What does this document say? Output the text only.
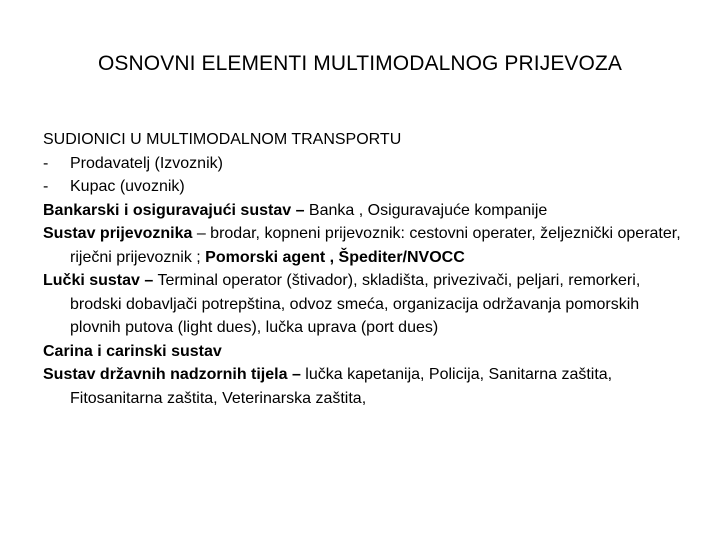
OSNOVNI ELEMENTI MULTIMODALNOG PRIJEVOZA

SUDIONICI U MULTIMODALNOM TRANSPORTU

-	Prodavatelj (Izvoznik)

-	Kupac (uvoznik)

Bankarski i osiguravajući sustav – Banka , Osiguravajuće kompanije

Sustav prijevoznika – brodar, kopneni prijevoznik: cestovni operater, željeznički operater, riječni prijevoznik ; Pomorski agent , Špediter/NVOCC

Lučki sustav – Terminal operator (štivador), skladišta, privezivači, peljari, remorkeri, brodski dobavljači potrepština, odvoz smeća, organizacija održavanja pomorskih plovnih putova (light dues), lučka uprava (port dues)

Carina i carinski sustav

Sustav državnih nadzornih tijela – lučka kapetanija, Policija, Sanitarna zaštita, Fitosanitarna zaštita, Veterinarska zaštita,
